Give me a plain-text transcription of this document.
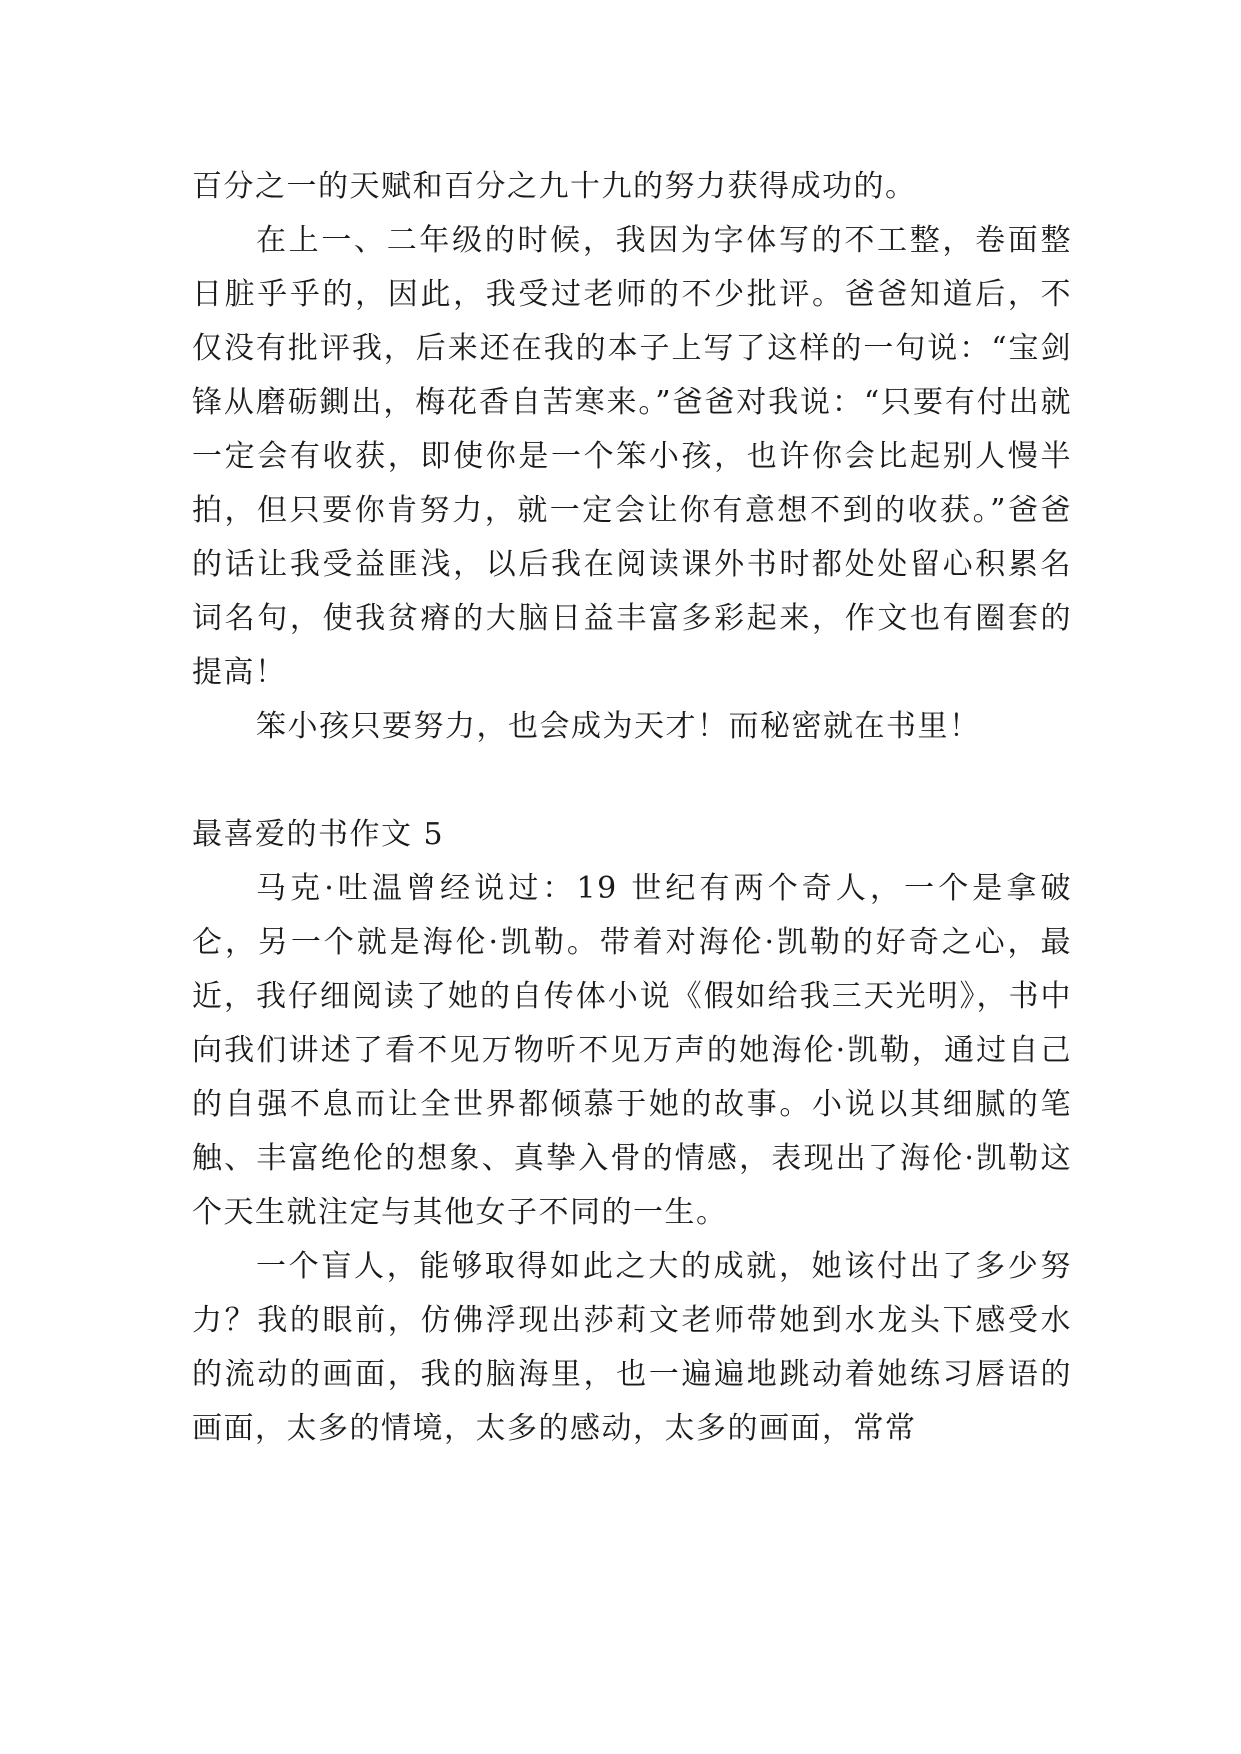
百分之一的天赋和百分之九十九的努力获得成功的。

在上一、二年级的时候，我因为字体写的不工整，卷面整日脏乎乎的，因此，我受过老师的不少批评。爸爸知道后，不仅没有批评我，后来还在我的本子上写了这样的一句说：“宝剑锋从磨砺鍘出，梅花香自苦寒来。”爸爸对我说：“只要有付出就一定会有收获，即使你是一个笨小孩，也许你会比起别人慢半拍，但只要你肯努力，就一定会让你有意想不到的收获。”爸爸的话让我受益匪浅，以后我在阅读课外书时都处处留心积累名词名句，使我贫瘠的大脑日益丰富多彩起来，作文也有圈套的提高！

笨小孩只要努力，也会成为天才！而秘密就在书里！

最喜爱的书作文 5

马克·吐温曾经说过：19 世纪有两个奇人，一个是拿破仑，另一个就是海伦·凯勒。带着对海伦·凯勒的好奇之心，最近，我仔细阅读了她的自传体小说《假如给我三天光明》，书中向我们讲述了看不见万物听不见万声的她海伦·凯勒，通过自己的自强不息而让全世界都倾慕于她的故事。小说以其细腻的笔触、丰富绝伦的想象、真挚入骨的情感，表现出了海伦·凯勒这个天生就注定与其他女子不同的一生。

一个盲人，能够取得如此之大的成就，她该付出了多少努力？我的眼前，仿佛浮现出莎莉文老师带她到水龙头下感受水的流动的画面，我的脑海里，也一遍遍地跳动着她练习唇语的画面，太多的情境，太多的感动，太多的画面，常常
